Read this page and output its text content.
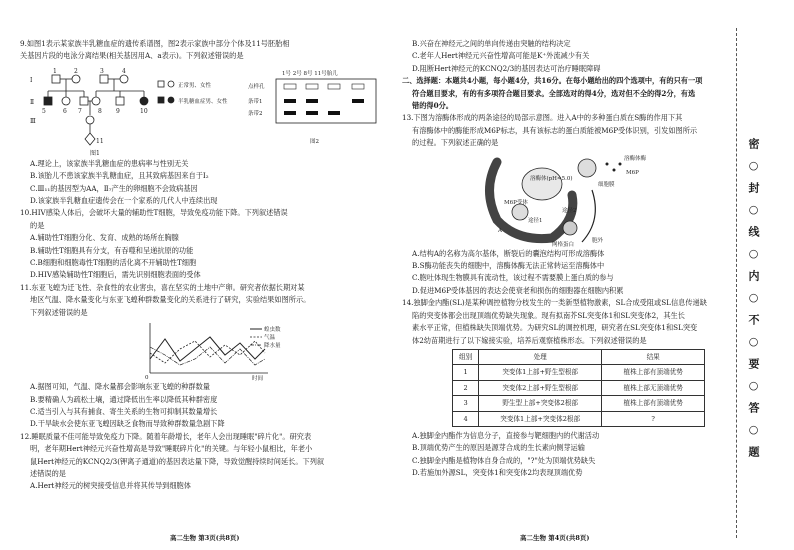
9.如图1表示某家族半乳糖血症的遗传系谱图，图2表示家族中部分个体及11号胚胎相

关基因片段的电泳分离结果(相关基因用A、a表示)。下列叙述错误的是

Ⅰ
Ⅱ
Ⅲ
1	2	3	4
5	6 7	8 9	10
11
图1
正常男、女性
半乳糖血症男、女性
1号 2号 8号 11号胎儿
点样孔
条带1
条带2
图2

A.理论上，该家族半乳糖血症的患病率与性别无关

B.该胎儿不患该家族半乳糖血症，且其致病基因来自于Ⅰ₂

C.Ⅲ₁₁的基因型为AA，Ⅱ₇产生的卵细胞不会致病基因

D.该家族半乳糖血症遗传会在一个家系的几代人中连续出现

10.HIV感染人体后，会破坏大量的辅助性T细胞，导致免疫功能下降。下列叙述错误

的是

A.辅助性T细胞分化、发育、成熟的场所在胸腺

B.辅助性T细胞具有分支，有吞噬和呈递抗原的功能

C.B细胞和细胞毒性T细胞的活化离不开辅助性T细胞

D.HIV感染辅助性T细胞后，需先识别细胞表面的受体

11.东亚飞蝗为迁飞性、杂食性的农业害虫，喜在坚实的土地中产卵。研究者依据长期对某

地区气温、降水量变化与东亚飞蝗种群数量变化的关系进行了研究，实验结果如图所示。

下列叙述错误的是

0	时间
蝗虫数
气温
降水量

A.据图可知，气温、降水量都会影响东亚飞蝗的种群数量

B.要精确人为疏松土壤，通过降低出生率以降低其种群密度

C.适当引入与其有捕食、寄生关系的生物可抑制其数量增长

D.干旱缺水会使东亚飞蝗因缺乏食物而导致种群数量急剧下降

12.睡眠质量不佳可能导致免疫力下降。随着年龄增长，老年人会出现睡眠"碎片化"。研究表

明，老年期Hert神经元兴奋性增高是导致"睡眠碎片化"的关键。与年轻小鼠相比，年老小

鼠Hert神经元的KCNQ2/3(钾离子通道)的基因表达量下降，导致觉醒持续时间延长。下列叙

述错误的是

A.Hert神经元的树突接受信息并将其传导到细胞体

高二生物 第3页(共8页)

B.兴奋在神经元之间的单向传递由突触的结构决定

C.老年人Hert神经元兴奋性增高可能是K⁺外流减少有关

D.阻断Hert神经元的KCNQ2/3的基因表达可治疗睡眠障碍

二、选择题：本题共4小题，每小题4分，共16分。在每小题给出的四个选项中，有的只有一项

符合题目要求，有的有多项符合题目要求。全部选对的得4分，选对但不全的得2分，有选

错的得0分。

13.下图为溶酶体形成的两条途径的局部示意图。进入A中的多种蛋白质在S酶的作用下其

有溶酶体中的酶能形成M6P标志，具有该标志的蛋白质能被M6P受体识别，引发如图所示

的过程。下列叙述正确的是

溶酶体(pH≈5.0)
M6P受体
途径1
途径2
A
胞外
网格蛋白
溶酶体酶
M6P
细胞膜

A.结构A的名称为高尔基体，断裂后的囊泡结构可形成溶酶体

B.S酶功能丧失的细胞中，溶酶体酶无法正常转运至溶酶体中

C.胞吐体现生物膜具有流动性，该过程不需要膜上蛋白质的参与

D.促进M6P受体基因的表达会使衰老和损伤的细胞器在细胞内积累

14.独脚金内酯(SL)是某种调控植物分枝发生的一类新型植物激素，SL合成受阻或SL信息传递缺

陷的突变体都会出现顶端优势缺失现象。现有拟南芥SL突变体1和SL突变体2，其生长

素水平正常，但植株缺失顶端优势。为研究SL的调控机理，研究者在SL突变体1和SL突变

体2幼苗期进行了以下嫁接实验，培养后观察植株形态。下列叙述错误的是

组别	处理	结果
1	突变体1上部+野生型根部	植株上部有顶端优势
2	突变体2上部+野生型根部	植株上部无顶端优势
3	野生型上部+突变体2根部	植株上部有顶端优势
4	突变体1上部+突变体2根部	?

A.独脚金内酯作为信息分子，直接参与靶细胞内的代谢活动

B.顶端优势产生的原因是源芽合成的生长素向侧芽运输

C.独脚金内酯是植物体自身合成的，"?"处为顶端优势缺失

D.若施加外源SL，突变体1和突变体2均表现顶端优势

高二生物 第4页(共8页)
密○封○线○内○不○要○答○题
